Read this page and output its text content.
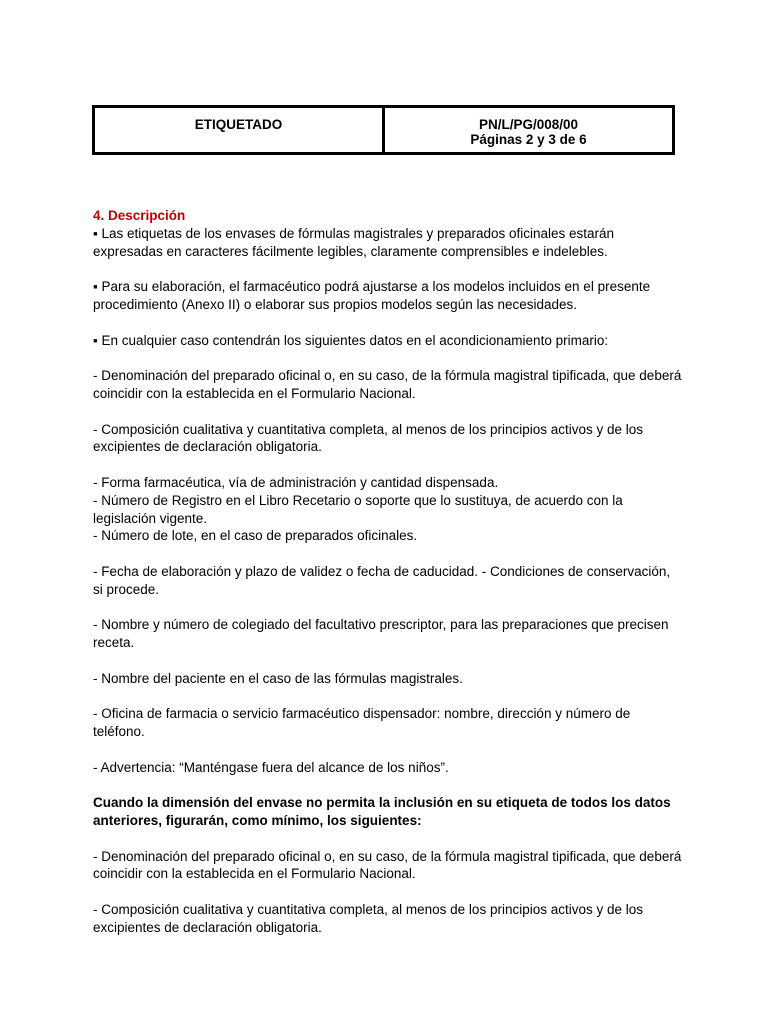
ETIQUETADO	PN/L/PG/008/00
Páginas 2 y 3 de 6

4. Descripción

▪ Las etiquetas de los envases de fórmulas magistrales y preparados oficinales estarán expresadas en caracteres fácilmente legibles, claramente comprensibles e indelebles.

▪ Para su elaboración, el farmacéutico podrá ajustarse a los modelos incluidos en el presente procedimiento (Anexo II) o elaborar sus propios modelos según las necesidades.

▪ En cualquier caso contendrán los siguientes datos en el acondicionamiento primario:

- Denominación del preparado oficinal o, en su caso, de la fórmula magistral tipificada, que deberá coincidir con la establecida en el Formulario Nacional.

- Composición cualitativa y cuantitativa completa, al menos de los principios activos y de los excipientes de declaración obligatoria.

- Forma farmacéutica, vía de administración y cantidad dispensada.

- Número de Registro en el Libro Recetario o soporte que lo sustituya, de acuerdo con la legislación vigente.

- Número de lote, en el caso de preparados oficinales.

- Fecha de elaboración y plazo de validez o fecha de caducidad. - Condiciones de conservación, si procede.

- Nombre y número de colegiado del facultativo prescriptor, para las preparaciones que precisen receta.

- Nombre del paciente en el caso de las fórmulas magistrales.

- Oficina de farmacia o servicio farmacéutico dispensador: nombre, dirección y número de teléfono.

- Advertencia: “Manténgase fuera del alcance de los niños”.

Cuando la dimensión del envase no permita la inclusión en su etiqueta de todos los datos anteriores, figurarán, como mínimo, los siguientes:

- Denominación del preparado oficinal o, en su caso, de la fórmula magistral tipificada, que deberá coincidir con la establecida en el Formulario Nacional.

- Composición cualitativa y cuantitativa completa, al menos de los principios activos y de los excipientes de declaración obligatoria.
